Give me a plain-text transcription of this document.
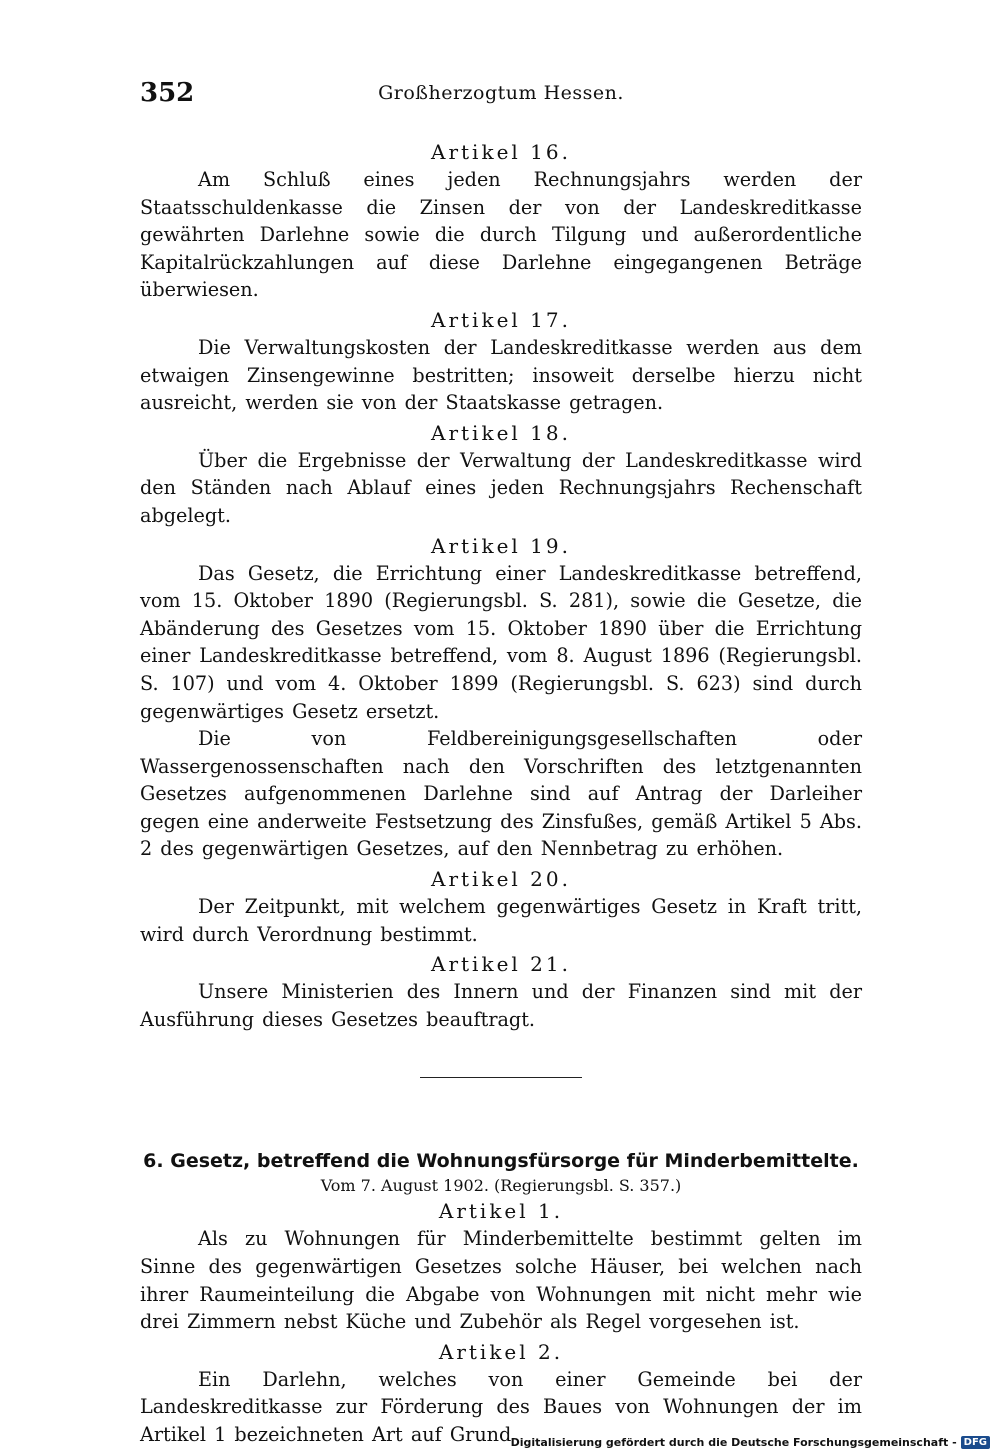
352	Großherzogtum Hessen.

Artikel 16.

Am Schluß eines jeden Rechnungsjahrs werden der Staatsschuldenkasse die Zinsen der von der Landeskreditkasse gewährten Darlehne sowie die durch Tilgung und außerordentliche Kapitalrückzahlungen auf diese Darlehne eingegangenen Beträge überwiesen.

Artikel 17.

Die Verwaltungskosten der Landeskreditkasse werden aus dem etwaigen Zinsengewinne bestritten; insoweit derselbe hierzu nicht ausreicht, werden sie von der Staatskasse getragen.

Artikel 18.

Über die Ergebnisse der Verwaltung der Landeskreditkasse wird den Ständen nach Ablauf eines jeden Rechnungsjahrs Rechenschaft abgelegt.

Artikel 19.

Das Gesetz, die Errichtung einer Landeskreditkasse betreffend, vom 15. Oktober 1890 (Regierungsbl. S. 281), sowie die Gesetze, die Abänderung des Gesetzes vom 15. Oktober 1890 über die Errichtung einer Landeskreditkasse betreffend, vom 8. August 1896 (Regierungsbl. S. 107) und vom 4. Oktober 1899 (Regierungsbl. S. 623) sind durch gegenwärtiges Gesetz ersetzt.

Die von Feldbereinigungsgesellschaften oder Wassergenossenschaften nach den Vorschriften des letztgenannten Gesetzes aufgenommenen Darlehne sind auf Antrag der Darleiher gegen eine anderweite Festsetzung des Zinsfußes, gemäß Artikel 5 Abs. 2 des gegenwärtigen Gesetzes, auf den Nennbetrag zu erhöhen.

Artikel 20.

Der Zeitpunkt, mit welchem gegenwärtiges Gesetz in Kraft tritt, wird durch Verordnung bestimmt.

Artikel 21.

Unsere Ministerien des Innern und der Finanzen sind mit der Ausführung dieses Gesetzes beauftragt.

6. Gesetz, betreffend die Wohnungsfürsorge für Minderbemittelte.

Vom 7. August 1902. (Regierungsbl. S. 357.)

Artikel 1.

Als zu Wohnungen für Minderbemittelte bestimmt gelten im Sinne des gegenwärtigen Gesetzes solche Häuser, bei welchen nach ihrer Raumeinteilung die Abgabe von Wohnungen mit nicht mehr wie drei Zimmern nebst Küche und Zubehör als Regel vorgesehen ist.

Artikel 2.

Ein Darlehn, welches von einer Gemeinde bei der Landeskreditkasse zur Förderung des Baues von Wohnungen der im Artikel 1 bezeichneten Art auf Grund Digitalisierung gefördert durch die Deutsche Forschungsgemeinschaft - DFG
